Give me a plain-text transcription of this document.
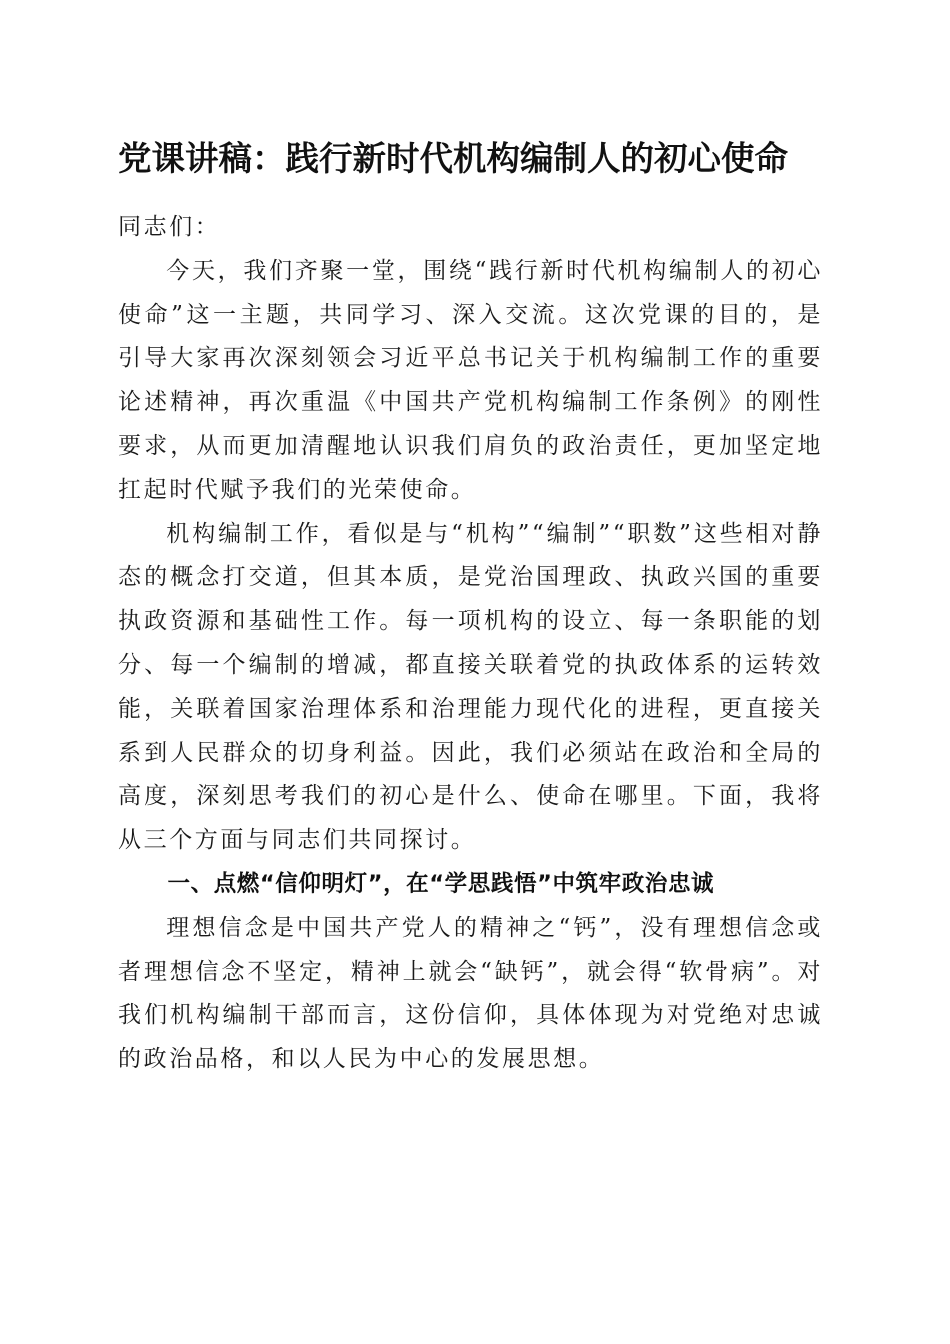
党课讲稿：践行新时代机构编制人的初心使命

同志们：

今天，我们齐聚一堂，围绕“践行新时代机构编制人的初心使命”这一主题，共同学习、深入交流。这次党课的目的，是引导大家再次深刻领会习近平总书记关于机构编制工作的重要论述精神，再次重温《中国共产党机构编制工作条例》的刚性要求，从而更加清醒地认识我们肩负的政治责任，更加坚定地扛起时代赋予我们的光荣使命。

机构编制工作，看似是与“机构”“编制”“职数”这些相对静态的概念打交道，但其本质，是党治国理政、执政兴国的重要执政资源和基础性工作。每一项机构的设立、每一条职能的划分、每一个编制的增减，都直接关联着党的执政体系的运转效能，关联着国家治理体系和治理能力现代化的进程，更直接关系到人民群众的切身利益。因此，我们必须站在政治和全局的高度，深刻思考我们的初心是什么、使命在哪里。下面，我将从三个方面与同志们共同探讨。

一、点燃“信仰明灯”，在“学思践悟”中筑牢政治忠诚

理想信念是中国共产党人的精神之“钙”，没有理想信念或者理想信念不坚定，精神上就会“缺钙”，就会得“软骨病”。对我们机构编制干部而言，这份信仰，具体体现为对党绝对忠诚的政治品格，和以人民为中心的发展思想。
